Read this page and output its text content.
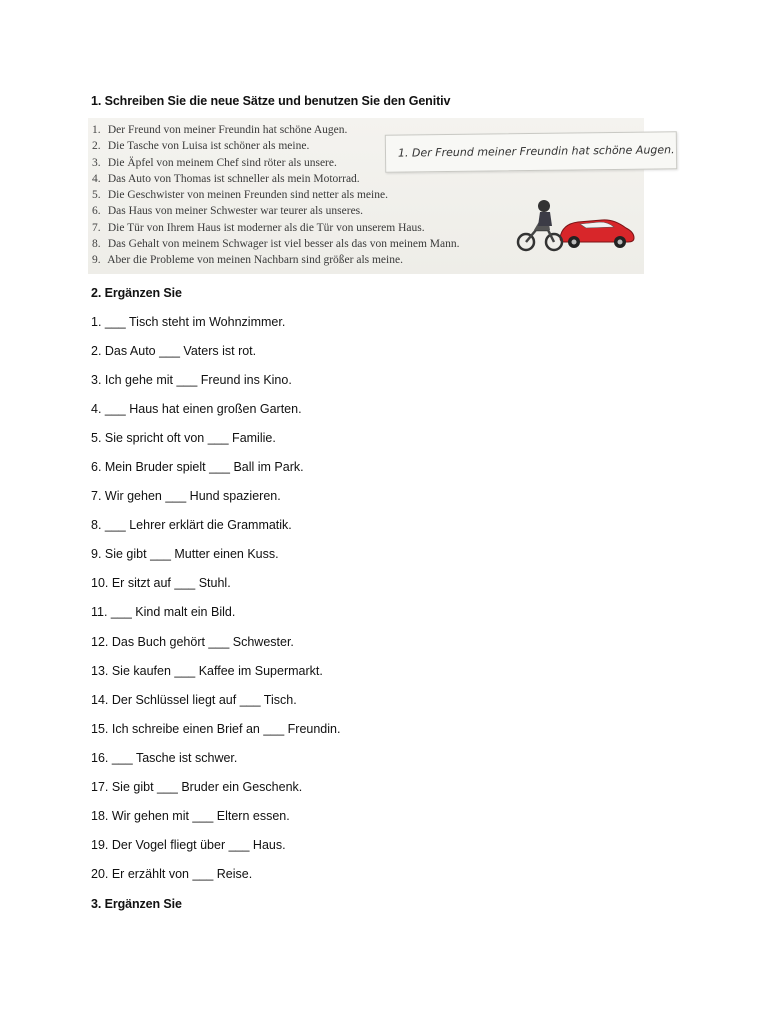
1. Schreiben Sie die neue Sätze und benutzen Sie den Genitiv
1. Der Freund von meiner Freundin hat schöne Augen.
2. Die Tasche von Luisa ist schöner als meine.
3. Die Äpfel von meinem Chef sind röter als unsere.
4. Das Auto von Thomas ist schneller als mein Motorrad.
5. Die Geschwister von meinen Freunden sind netter als meine.
6. Das Haus von meiner Schwester war teurer als unseres.
7. Die Tür von Ihrem Haus ist moderner als die Tür von unserem Haus.
8. Das Gehalt von meinem Schwager ist viel besser als das von meinem Mann.
9. Aber die Probleme von meinen Nachbarn sind größer als meine.
1. Der Freund meiner Freundin hat schöne Augen.
2. Ergänzen Sie
1. ___ Tisch steht im Wohnzimmer.
2. Das Auto ___ Vaters ist rot.
3. Ich gehe mit ___ Freund ins Kino.
4. ___ Haus hat einen großen Garten.
5. Sie spricht oft von ___ Familie.
6. Mein Bruder spielt ___ Ball im Park.
7. Wir gehen ___ Hund spazieren.
8. ___ Lehrer erklärt die Grammatik.
9. Sie gibt ___ Mutter einen Kuss.
10. Er sitzt auf ___ Stuhl.
11. ___ Kind malt ein Bild.
12. Das Buch gehört ___ Schwester.
13. Sie kaufen ___ Kaffee im Supermarkt.
14. Der Schlüssel liegt auf ___ Tisch.
15. Ich schreibe einen Brief an ___ Freundin.
16. ___ Tasche ist schwer.
17. Sie gibt ___ Bruder ein Geschenk.
18. Wir gehen mit ___ Eltern essen.
19. Der Vogel fliegt über ___ Haus.
20. Er erzählt von ___ Reise.
3. Ergänzen Sie
